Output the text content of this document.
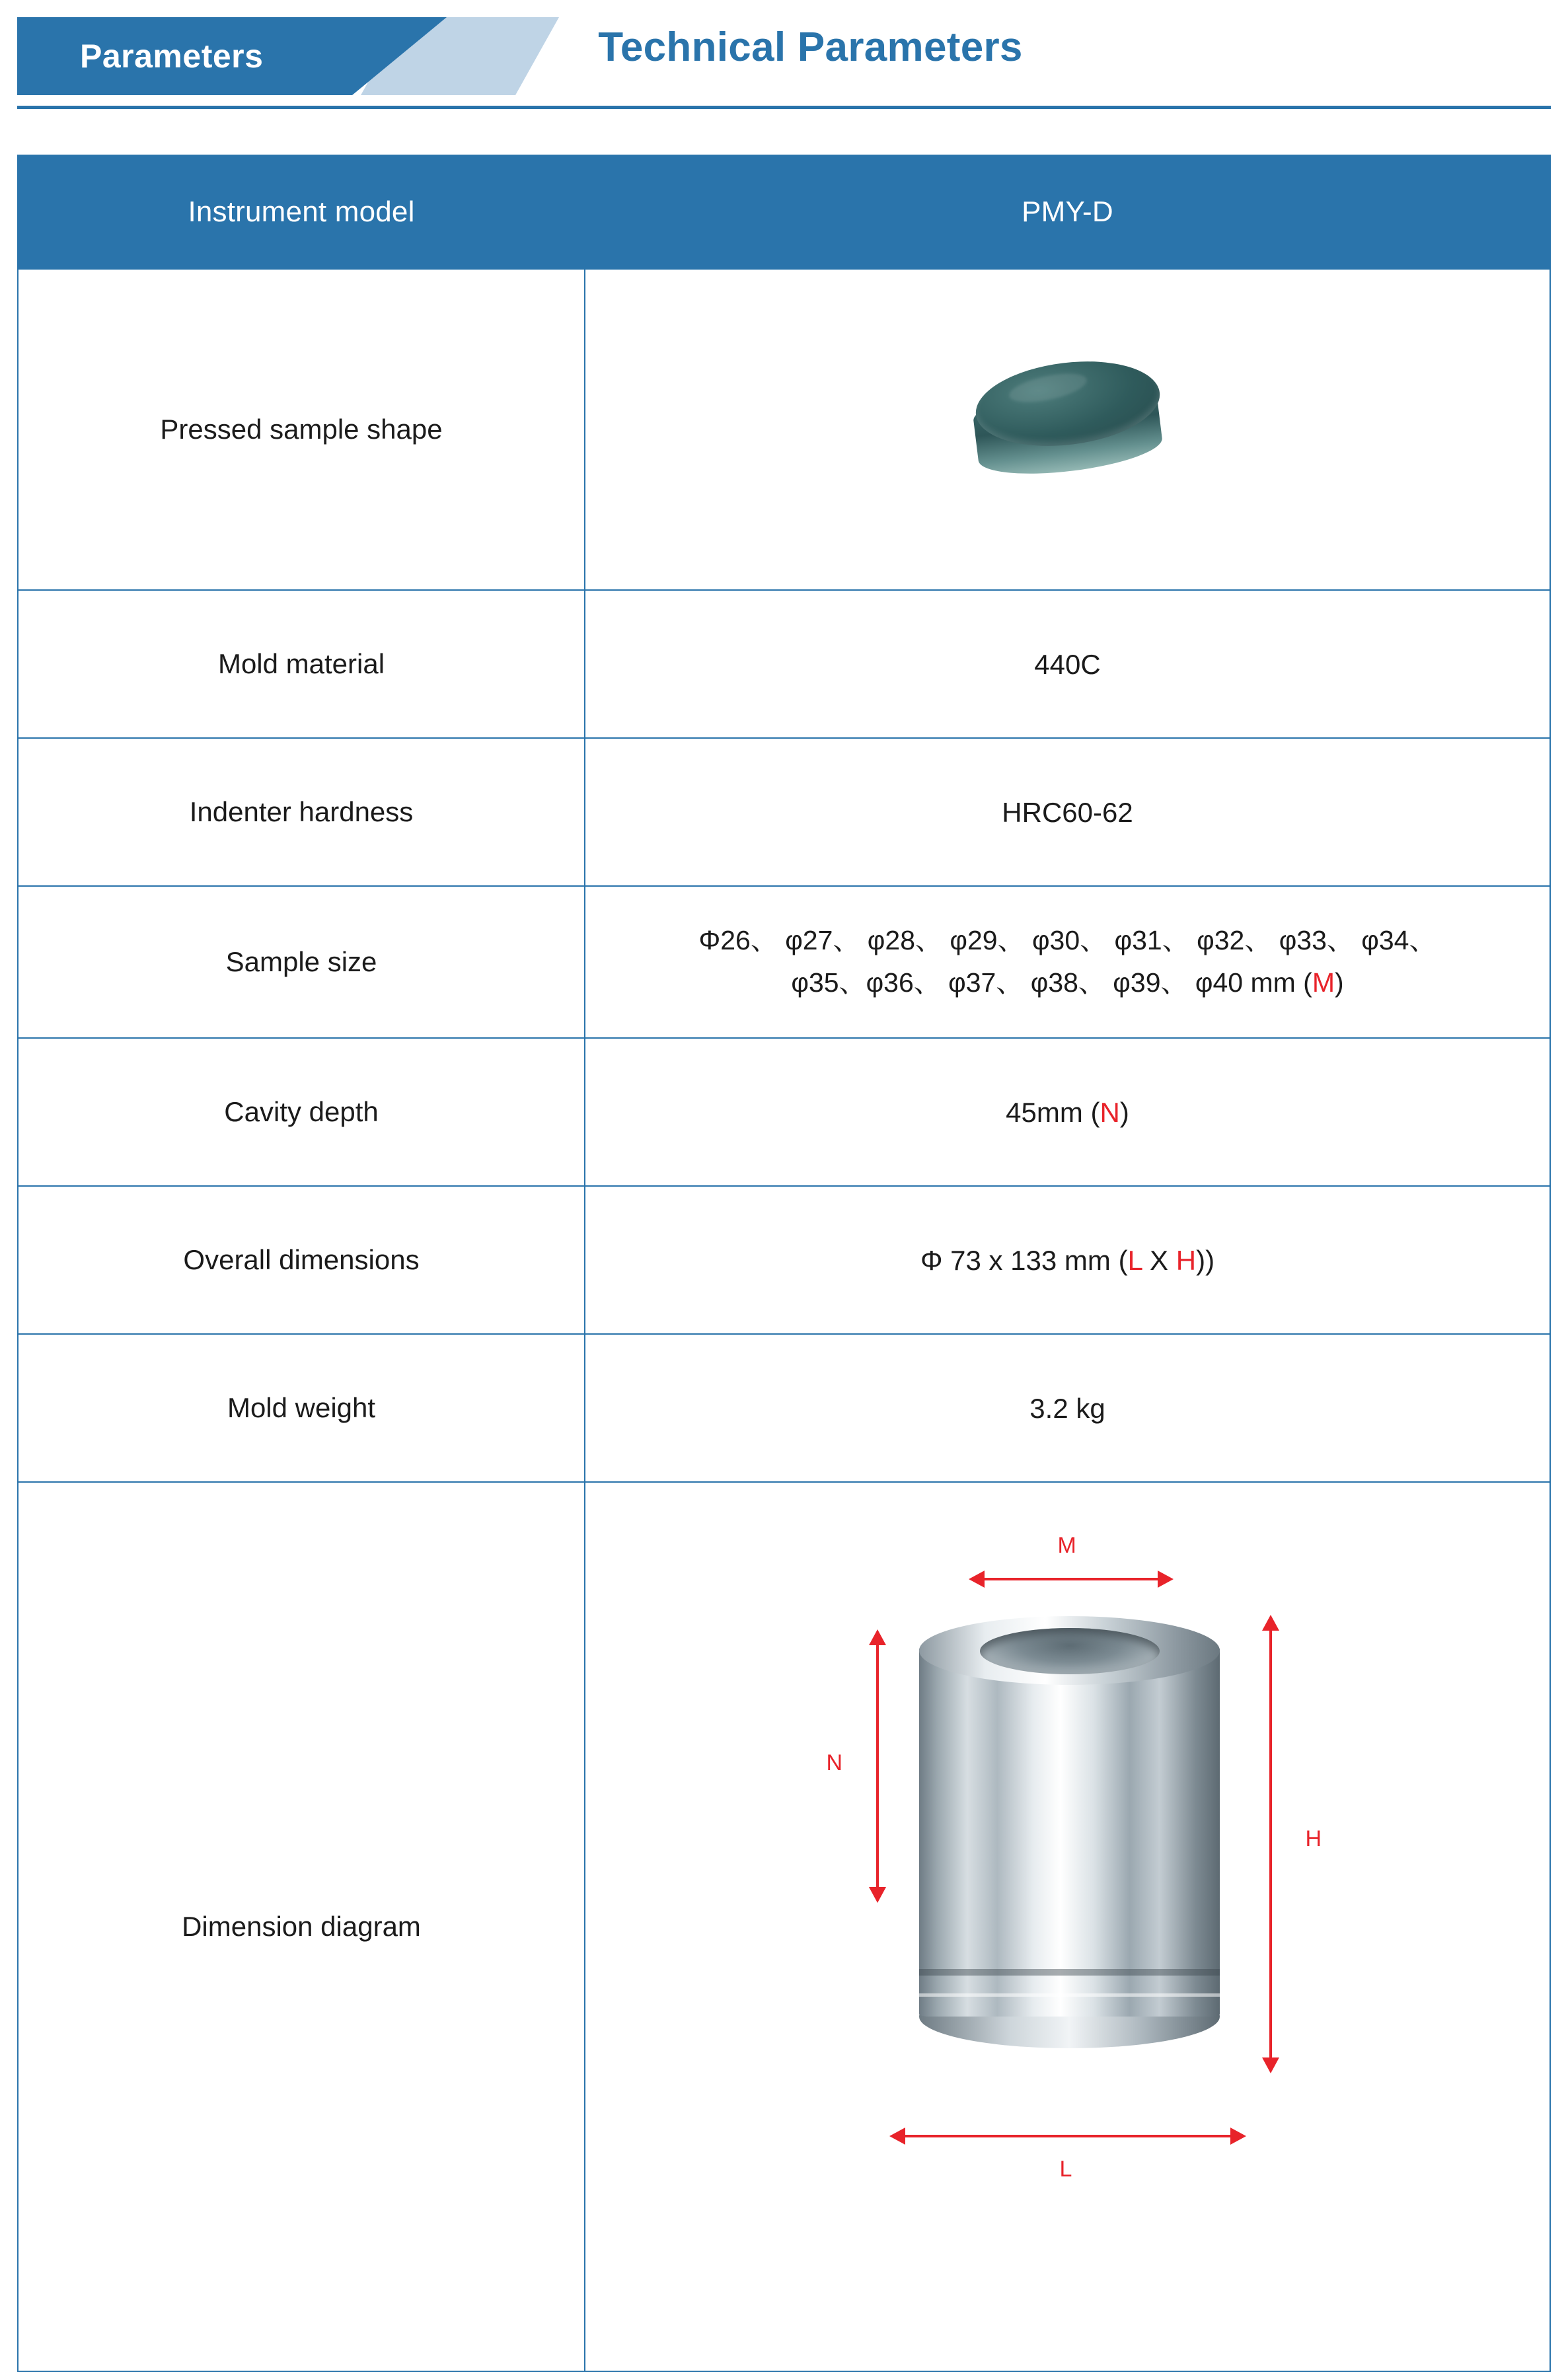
Parameters	Technical Parameters
Instrument model	PMY-D
Pressed sample shape	

Mold material	440C
Indenter hardness	HRC60-62
Sample size	Φ26、 φ27、 φ28、 φ29、 φ30、 φ31、 φ32、 φ33、 φ34、
φ35、φ36、 φ37、 φ38、 φ39、 φ40 mm (M)
Cavity depth	45mm (N)
Overall dimensions	Φ 73 x 133 mm (L X H))
Mold weight	3.2 kg
Dimension diagram	M
N
H
L
